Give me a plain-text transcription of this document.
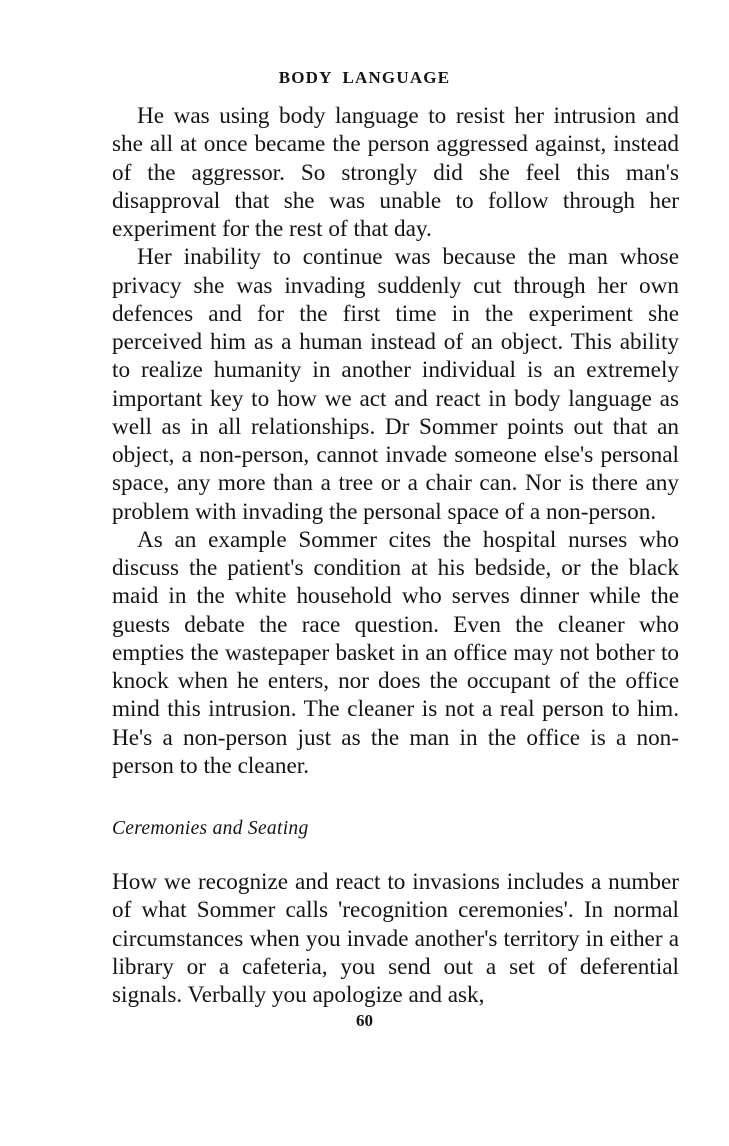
BODY LANGUAGE

He was using body language to resist her intrusion and she all at once became the person aggressed against, instead of the aggressor. So strongly did she feel this man's disapproval that she was unable to follow through her experiment for the rest of that day.

Her inability to continue was because the man whose privacy she was invading suddenly cut through her own defences and for the first time in the experiment she perceived him as a human instead of an object. This ability to realize humanity in another individual is an extremely important key to how we act and react in body language as well as in all relationships. Dr Sommer points out that an object, a non-person, cannot invade someone else's personal space, any more than a tree or a chair can. Nor is there any problem with invading the personal space of a non-person.

As an example Sommer cites the hospital nurses who discuss the patient's condition at his bedside, or the black maid in the white household who serves dinner while the guests debate the race question. Even the cleaner who empties the wastepaper basket in an office may not bother to knock when he enters, nor does the occupant of the office mind this intrusion. The cleaner is not a real person to him. He's a non-person just as the man in the office is a non-person to the cleaner.

Ceremonies and Seating

How we recognize and react to invasions includes a number of what Sommer calls 'recognition ceremonies'. In normal circumstances when you invade another's territory in either a library or a cafeteria, you send out a set of deferential signals. Verbally you apologize and ask,

60
